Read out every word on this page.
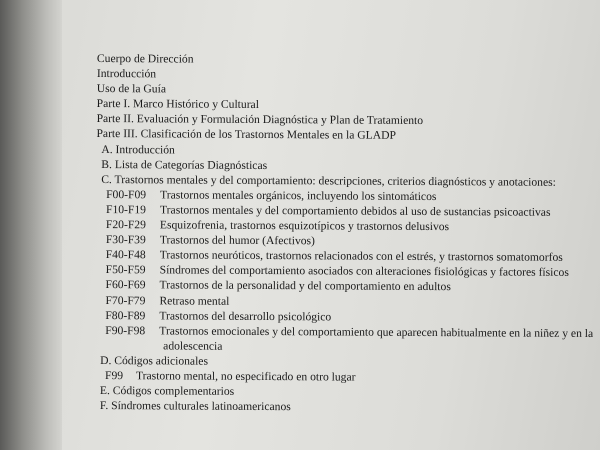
Cuerpo de Dirección
Introducción
Uso de la Guía
Parte I. Marco Histórico y Cultural
Parte II. Evaluación y Formulación Diagnóstica y Plan de Tratamiento
Parte III. Clasificación de los Trastornos Mentales en la GLADP
A. Introducción
B. Lista de Categorías Diagnósticas
C. Trastornos mentales y del comportamiento: descripciones, criterios diagnósticos y anotaciones:
F00-F09 Trastornos mentales orgánicos, incluyendo los sintomáticos
F10-F19 Trastornos mentales y del comportamiento debidos al uso de sustancias psicoactivas
F20-F29 Esquizofrenia, trastornos esquizotípicos y trastornos delusivos
F30-F39 Trastornos del humor (Afectivos)
F40-F48 Trastornos neuróticos, trastornos relacionados con el estrés, y trastornos somatomorfos
F50-F59 Síndromes del comportamiento asociados con alteraciones fisiológicas y factores físicos
F60-F69 Trastornos de la personalidad y del comportamiento en adultos
F70-F79 Retraso mental
F80-F89 Trastornos del desarrollo psicológico
F90-F98 Trastornos emocionales y del comportamiento que aparecen habitualmente en la niñez y en la
adolescencia
D. Códigos adicionales
F99 Trastorno mental, no especificado en otro lugar
E. Códigos complementarios
F. Síndromes culturales latinoamericanos
